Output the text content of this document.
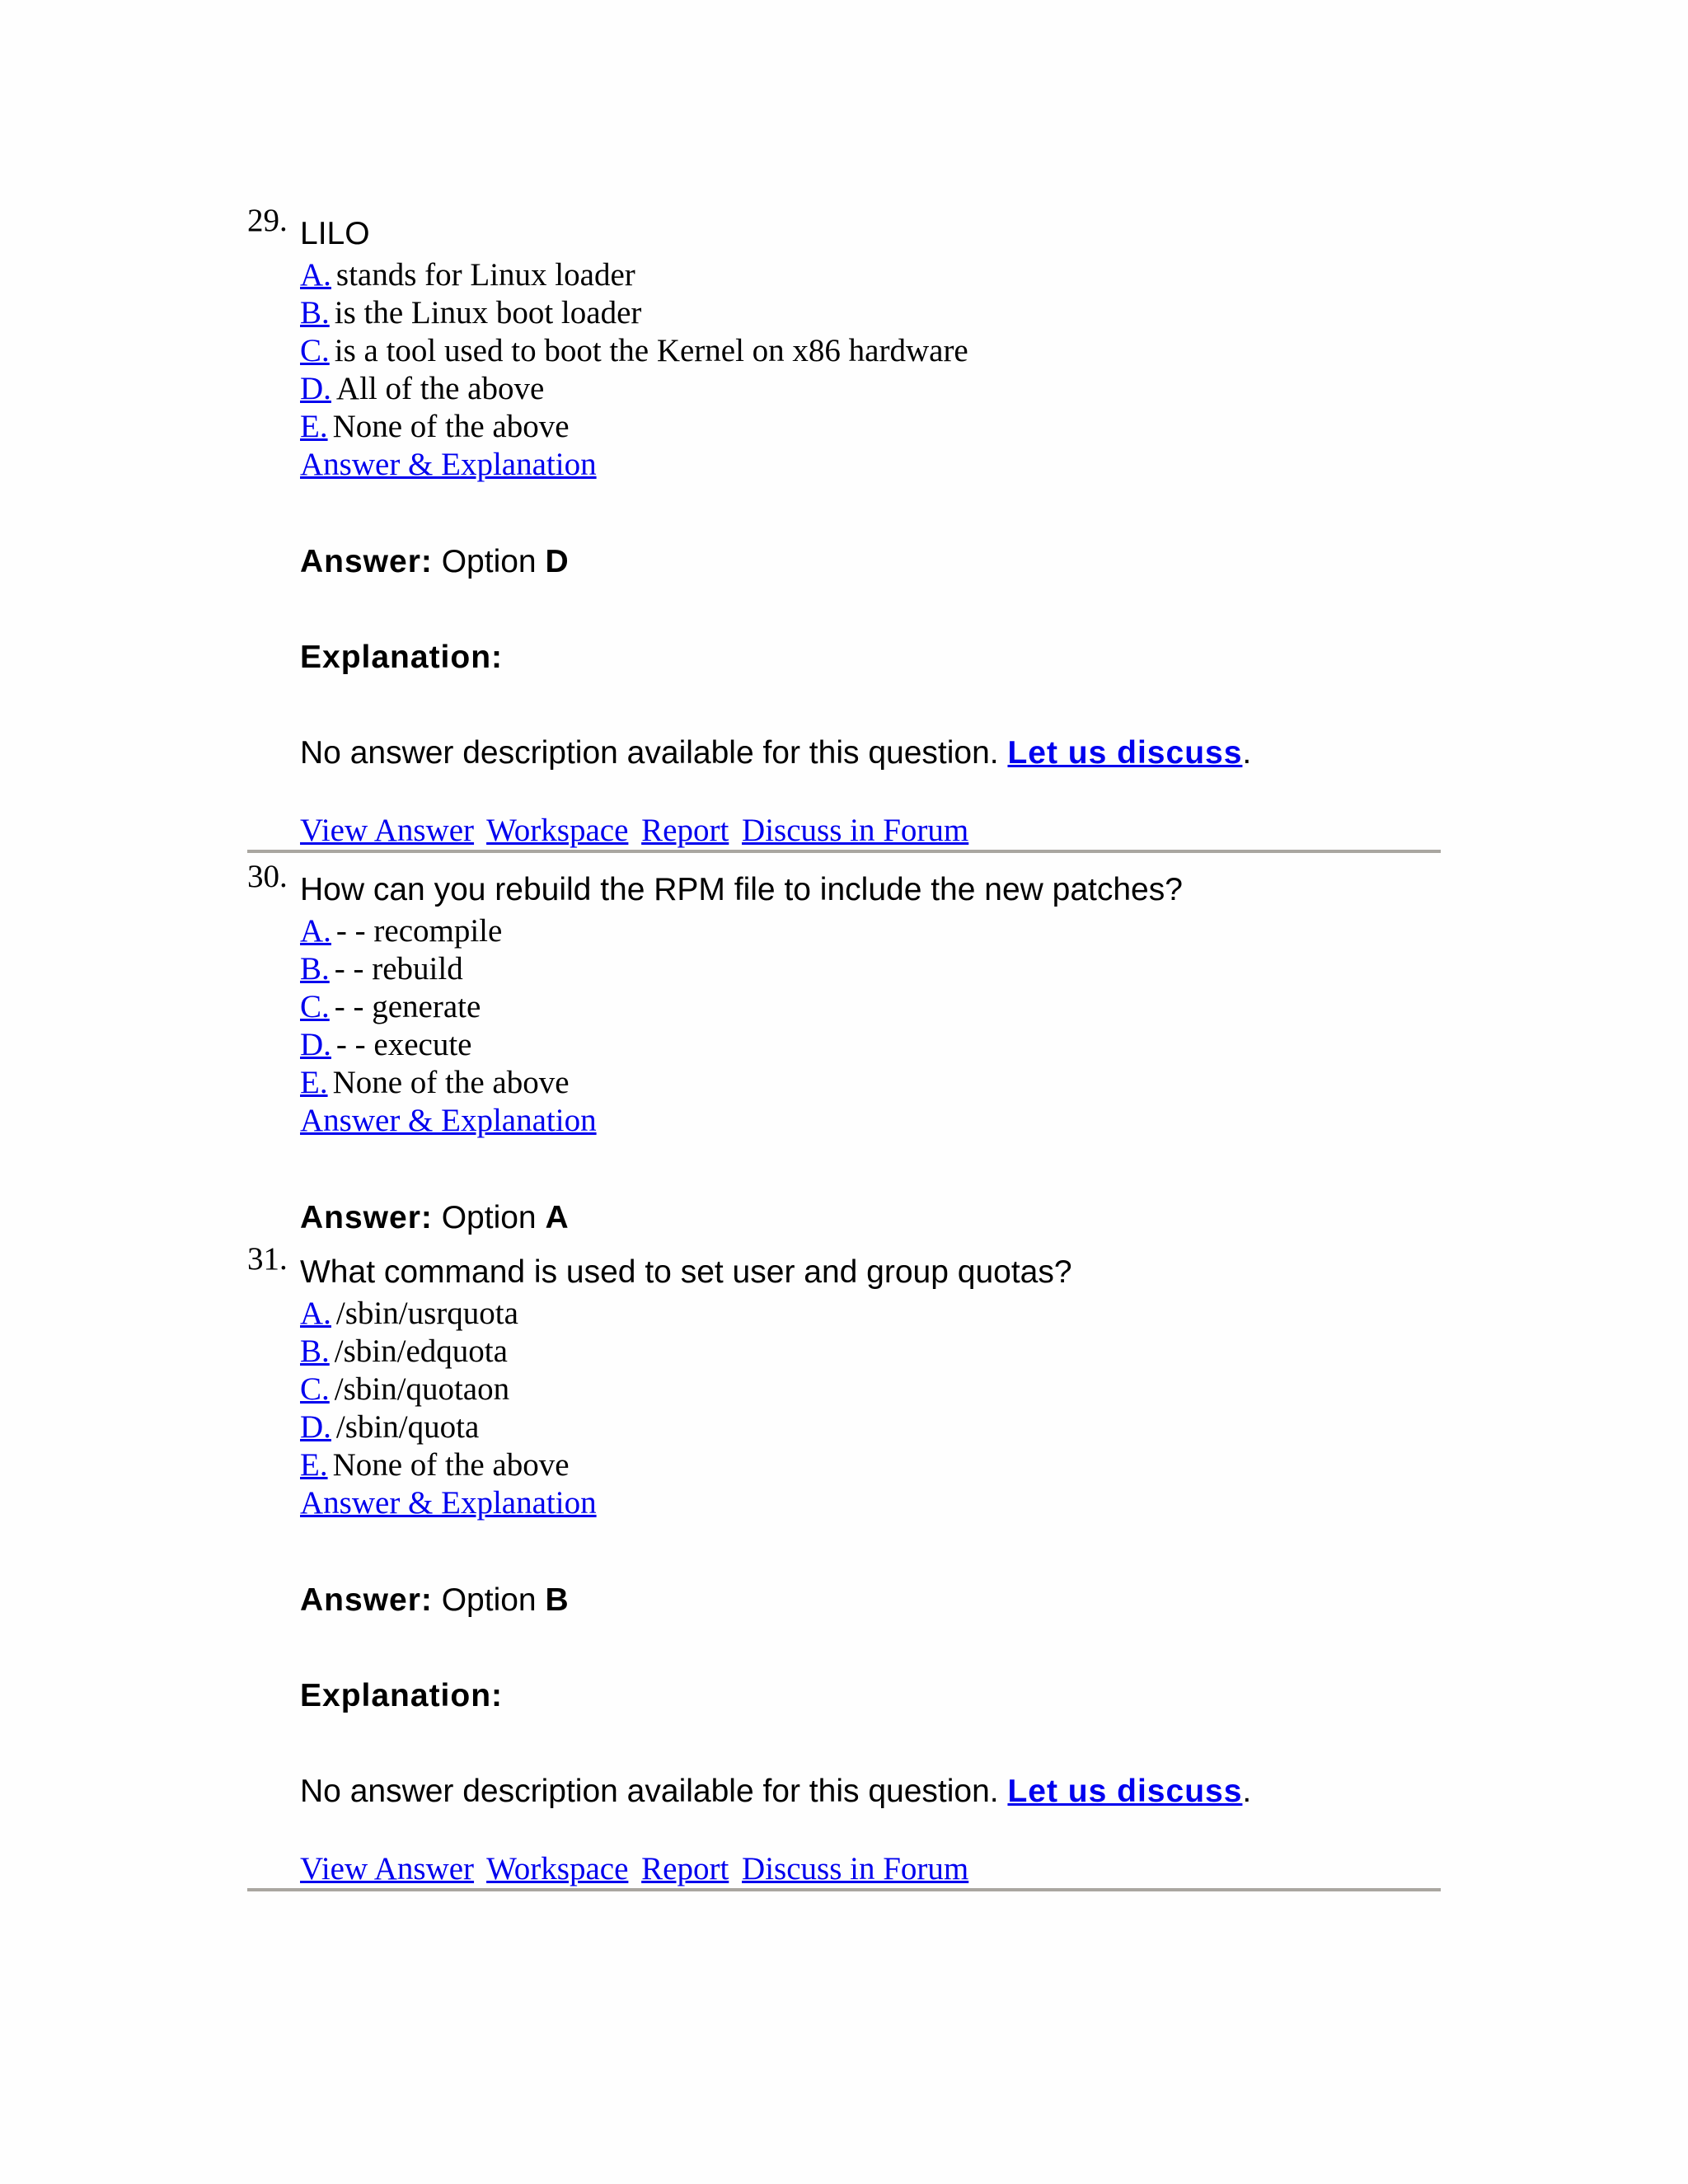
29. LILO
A. stands for Linux loader
B. is the Linux boot loader
C. is a tool used to boot the Kernel on x86 hardware
D. All of the above
E. None of the above
Answer & Explanation
Answer: Option D
Explanation:
No answer description available for this question. Let us discuss.
View Answer Workspace Report Discuss in Forum
30. How can you rebuild the RPM file to include the new patches?
A. - - recompile
B. - - rebuild
C. - - generate
D. - - execute
E. None of the above
Answer & Explanation
Answer: Option A
31. What command is used to set user and group quotas?
A. /sbin/usrquota
B. /sbin/edquota
C. /sbin/quotaon
D. /sbin/quota
E. None of the above
Answer & Explanation
Answer: Option B
Explanation:
No answer description available for this question. Let us discuss.
View Answer Workspace Report Discuss in Forum
